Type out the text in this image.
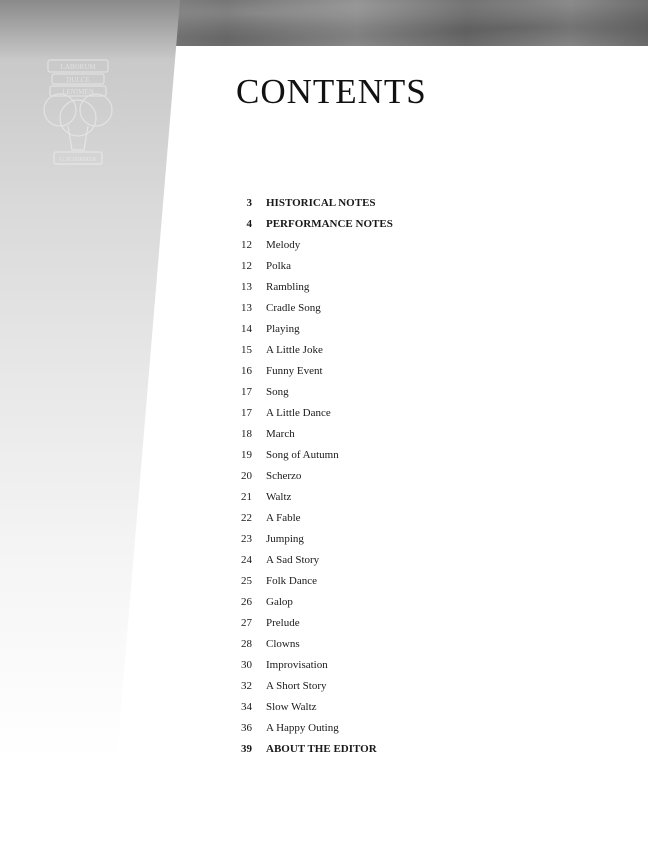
LABORUM
DULCE
LENIMEN
G.SCHIRMER
CONTENTS
3 HISTORICAL NOTES
4 PERFORMANCE NOTES
12 Melody
12 Polka
13 Rambling
13 Cradle Song
14 Playing
15 A Little Joke
16 Funny Event
17 Song
17 A Little Dance
18 March
19 Song of Autumn
20 Scherzo
21 Waltz
22 A Fable
23 Jumping
24 A Sad Story
25 Folk Dance
26 Galop
27 Prelude
28 Clowns
30 Improvisation
32 A Short Story
34 Slow Waltz
36 A Happy Outing
39 ABOUT THE EDITOR
